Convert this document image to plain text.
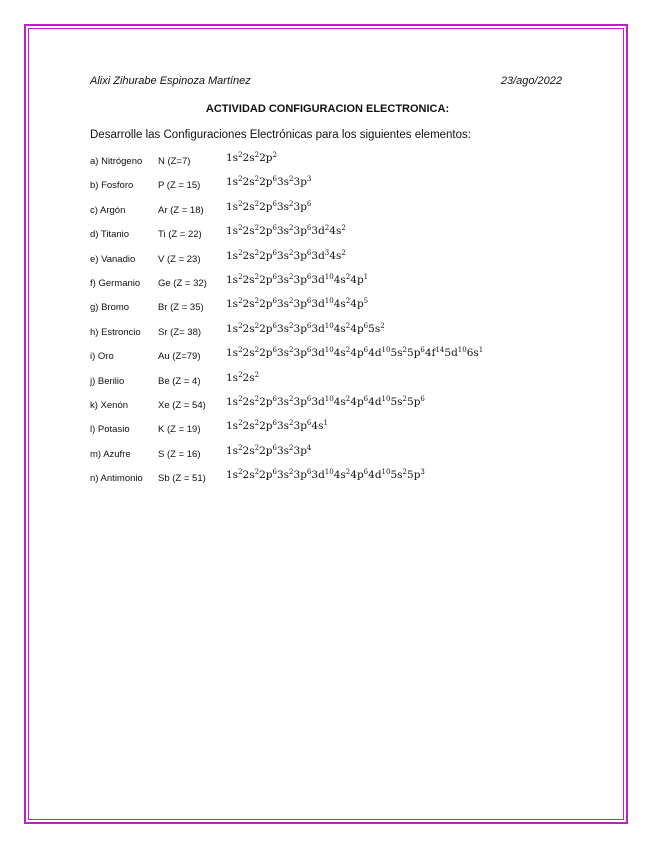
Alixi Zihurabe Espinoza Martínez	23/ago/2022
ACTIVIDAD CONFIGURACION ELECTRONICA:
Desarrolle las Configuraciones Electrónicas para los siguientes elementos:
a) Nitrógeno N (Z=7)	$1s^22s^22p^2$
b) Fosforo	P (Z = 15) $1s^22s^22p^63s^23p^3$
c) Argón	Ar (Z = 18) $1s^22s^22p^63s^23p^6$
d) Titanio	Ti (Z = 22) $1s^22s^22p^63s^23p^63d^24s^2$
e) Vanadio V (Z = 23) $1s^22s^22p^63s^23p^63d^34s^2$
f) Germanio Ge (Z = 32) $1s^22s^22p^63s^23p^63d^{10}4s^24p^1$
g) Bromo	Br (Z = 35) $1s^22s^22p^63s^23p^63d^{10}4s^24p^5$
h) Estroncio Sr (Z= 38) $1s^22s^22p^63s^23p^63d^{10}4s^24p^65s^2$
i) Oro	Au (Z=79) $1s^22s^22p^63s^23p^63d^{10}4s^24p^64d^{10}5s^25p^64f^{14}5d^{10}6s^1$
j) Berilio	Be (Z = 4) $1s^22s^2$
k) Xenón	Xe (Z = 54) $1s^22s^22p^63s^23p^63d^{10}4s^24p^64d^{10}5s^25p^6$
l) Potasio	K (Z = 19) $1s^22s^22p^63s^23p^64s^1$
m) Azufre	S (Z = 16) $1s^22s^22p^63s^23p^4$
n) Antimonio Sb (Z = 51) $1s^22s^22p^63s^23p^63d^{10}4s^24p^64d^{10}5s^25p^3$
